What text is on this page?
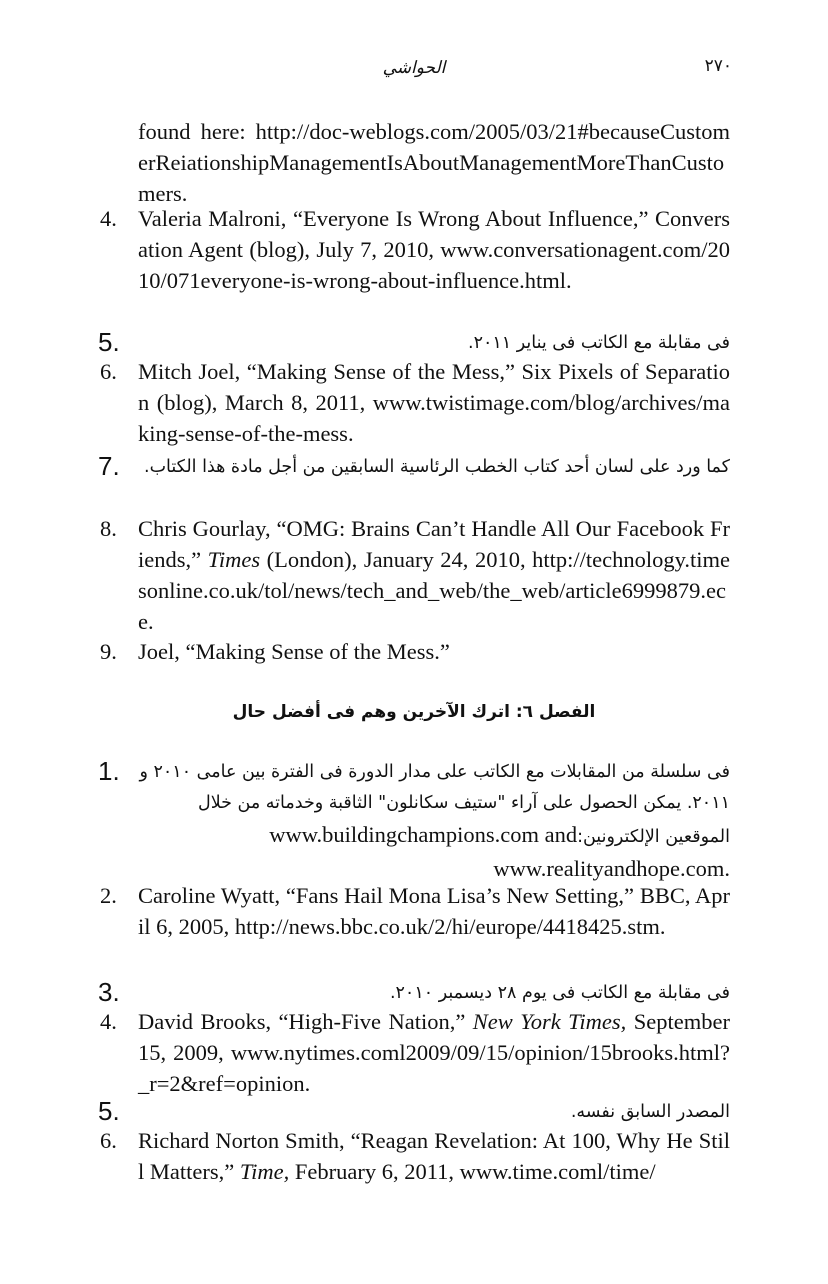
الحواشي	٢٧٠
found here: http://doc-weblogs.com/2005/03/21#becauseCustomerReiationshipManagementIsAboutManagementMoreThanCustomers.
4. Valeria Malroni, “Everyone Is Wrong About Influence,” Conversation Agent (blog), July 7, 2010, www.conversationagent.com/2010/071everyone-is-wrong-about-influence.html.
5.	فى مقابلة مع الكاتب فى يناير ٢٠١١.
6. Mitch Joel, “Making Sense of the Mess,” Six Pixels of Separation (blog), March 8, 2011, www.twistimage.com/blog/archives/making-sense-of-the-mess.
7.	كما ورد على لسان أحد كتاب الخطب الرئاسية السابقين من أجل مادة هذا الكتاب.
8. Chris Gourlay, “OMG: Brains Can’t Handle All Our Facebook Friends,” Times (London), January 24, 2010, http://technology.timesonline.co.uk/tol/news/tech_and_web/the_web/article6999879.ece.
9. Joel, “Making Sense of the Mess.”
الفصل ٦: اترك الآخرين وهم فى أفضل حال
1. فى سلسلة من المقابلات مع الكاتب على مدار الدورة فى الفترة بين عامى ٢٠١٠ و ٢٠١١. يمكن الحصول على آراء "ستيف سكانلون" الثاقبة وخدماته من خلال الموقعين الإلكترونين: www.buildingchampions.com and www.realityandhope.com.
2. Caroline Wyatt, “Fans Hail Mona Lisa’s New Setting,” BBC, April 6, 2005, http://news.bbc.co.uk/2/hi/europe/4418425.stm.
3.	فى مقابلة مع الكاتب فى يوم ٢٨ ديسمبر ٢٠١٠.
4. David Brooks, “High-Five Nation,” New York Times, September 15, 2009, www.nytimes.coml2009/09/15/opinion/15brooks.html?_r=2&ref=opinion.
5.	المصدر السابق نفسه.
6. Richard Norton Smith, “Reagan Revelation: At 100, Why He Still Matters,” Time, February 6, 2011, www.time.coml/time/
